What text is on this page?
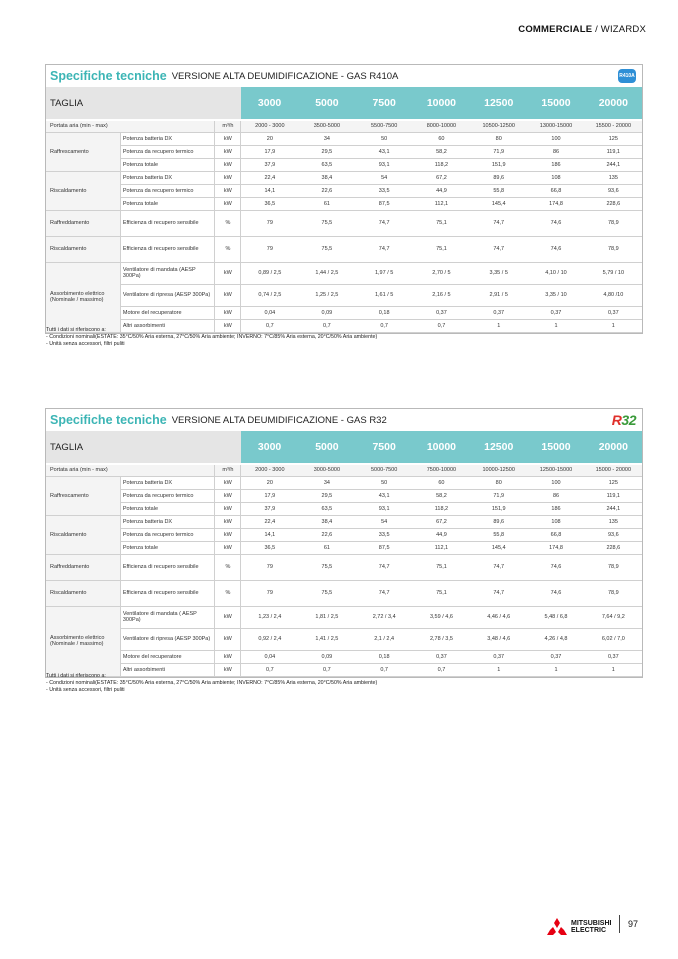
COMMERCIALE / WIZARDX
Specifiche tecniche VERSIONE ALTA DEUMIDIFICAZIONE - GAS R410A	R410A
TAGLIA			3000	5000	7500	10000	12500	15000	20000
Portata aria (min - max)		m³/h	2000 - 3000	3500-5000	5500-7500	8000-10000	10500-12500	13000-15000	15500 - 20000
Raffrescamento	Potenza batteria DX	kW	20	34	50	60	80	100	125
	Potenza da recupero termico	kW	17,9	29,5	43,1	58,2	71,9	86	119,1
	Potenza totale	kW	37,9	63,5	93,1	118,2	151,9	186	244,1
Riscaldamento	Potenza batteria DX	kW	22,4	38,4	54	67,2	89,6	108	135
	Potenza da recupero termico	kW	14,1	22,6	33,5	44,9	55,8	66,8	93,6
	Potenza totale	kW	36,5	61	87,5	112,1	145,4	174,8	228,6
Raffreddamento	Efficienza di recupero sensibile	%	79	75,5	74,7	75,1	74,7	74,6	78,9
Riscaldamento	Efficienza di recupero sensibile	%	79	75,5	74,7	75,1	74,7	74,6	78,9

Assorbimento elettrico
(Nominale / massimo)	Ventilatore di mandata (AESP 300Pa)	kW	0,89 / 2,5	1,44 / 2,5	1,97 / 5	2,70 / 5	3,35 / 5	4,10 / 10	5,79 / 10
	Ventilatore di ripresa (AESP 300Pa)	kW	0,74 / 2,5	1,25 / 2,5	1,61 / 5	2,16 / 5	2,91 / 5	3,35 / 10	4,80 /10
	Motore del recuperatore	kW	0,04	0,09	0,18	0,37	0,37	0,37	0,37
	Altri assorbimenti	kW	0,7	0,7	0,7	0,7	1	1	1
Tutti i dati si riferiscono a:
- Condizioni nominali(ESTATE: 35°C/50% Aria esterna, 27°C/50% Aria ambiente; INVERNO: 7°C/85% Aria esterna, 20°C/50% Aria ambiente)
- Unità senza accessori, filtri puliti
Specifiche tecniche VERSIONE ALTA DEUMIDIFICAZIONE - GAS R32	R32
TAGLIA			3000	5000	7500	10000	12500	15000	20000
Portata aria (min - max)		m³/h	2000 - 3000	3000-5000	5000-7500	7500-10000	10000-12500	12500-15000	15000 - 20000
Raffrescamento	Potenza batteria DX	kW	20	34	50	60	80	100	125
	Potenza da recupero termico	kW	17,9	29,5	43,1	58,2	71,9	86	119,1
	Potenza totale	kW	37,9	63,5	93,1	118,2	151,9	186	244,1
Riscaldamento	Potenza batteria DX	kW	22,4	38,4	54	67,2	89,6	108	135
	Potenza da recupero termico	kW	14,1	22,6	33,5	44,9	55,8	66,8	93,6
	Potenza totale	kW	36,5	61	87,5	112,1	145,4	174,8	228,6
Raffreddamento	Efficienza di recupero sensibile	%	79	75,5	74,7	75,1	74,7	74,6	78,9
Riscaldamento	Efficienza di recupero sensibile	%	79	75,5	74,7	75,1	74,7	74,6	78,9

Assorbimento elettrico
(Nominale / massimo)	Ventilatore di mandata ( AESP 300Pa)	kW	1,23 / 2,4	1,81 / 2,5	2,72 / 3,4	3,59 / 4,6	4,46 / 4,6	5,48 / 6,8	7,64 / 9,2
	Ventilatore di ripresa (AESP 300Pa)	kW	0,92 / 2,4	1,41 / 2,5	2,1 / 2,4	2,78 / 3,5	3,48 / 4,6	4,26 / 4,8	6,02 / 7,0
	Motore del recuperatore	kW	0,04	0,09	0,18	0,37	0,37	0,37	0,37
	Altri assorbimenti	kW	0,7	0,7	0,7	0,7	1	1	1
Tutti i dati si riferiscono a:
- Condizioni nominali(ESTATE: 35°C/50% Aria esterna, 27°C/50% Aria ambiente; INVERNO: 7°C/85% Aria esterna, 20°C/50% Aria ambiente)
- Unità senza accessori, filtri puliti
MITSUBISHI
ELECTRIC
97
